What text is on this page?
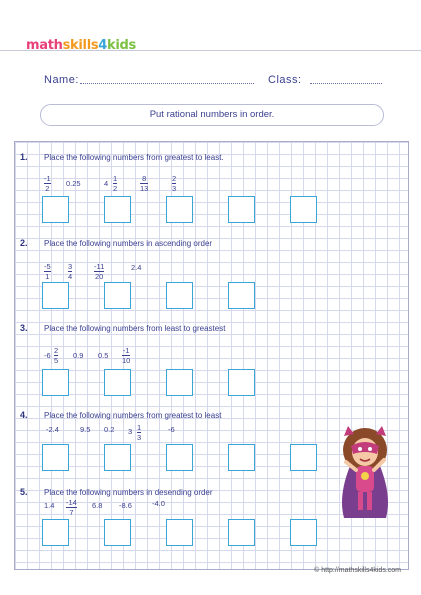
mathskills4kids
Name:	Class:
Put rational numbers in order.
1. Place the following numbers from greatest to least.
-1
2
0.25	4
1
2
8
13
2
3
2. Place the following numbers in ascending order
-5
1
3
4
-11
20
2.4
3. Place the following numbers from least to greastest
-6
2
5
0.9 0.5
-1
10
4. Place the following numbers from greatest to least
-2.4	9.5 0.2 3 1
3
-6
5. Place the following numbers in desending order
1.4 -14
7
6.8 -8.6	-4.0
© http://mathskills4kids.com
